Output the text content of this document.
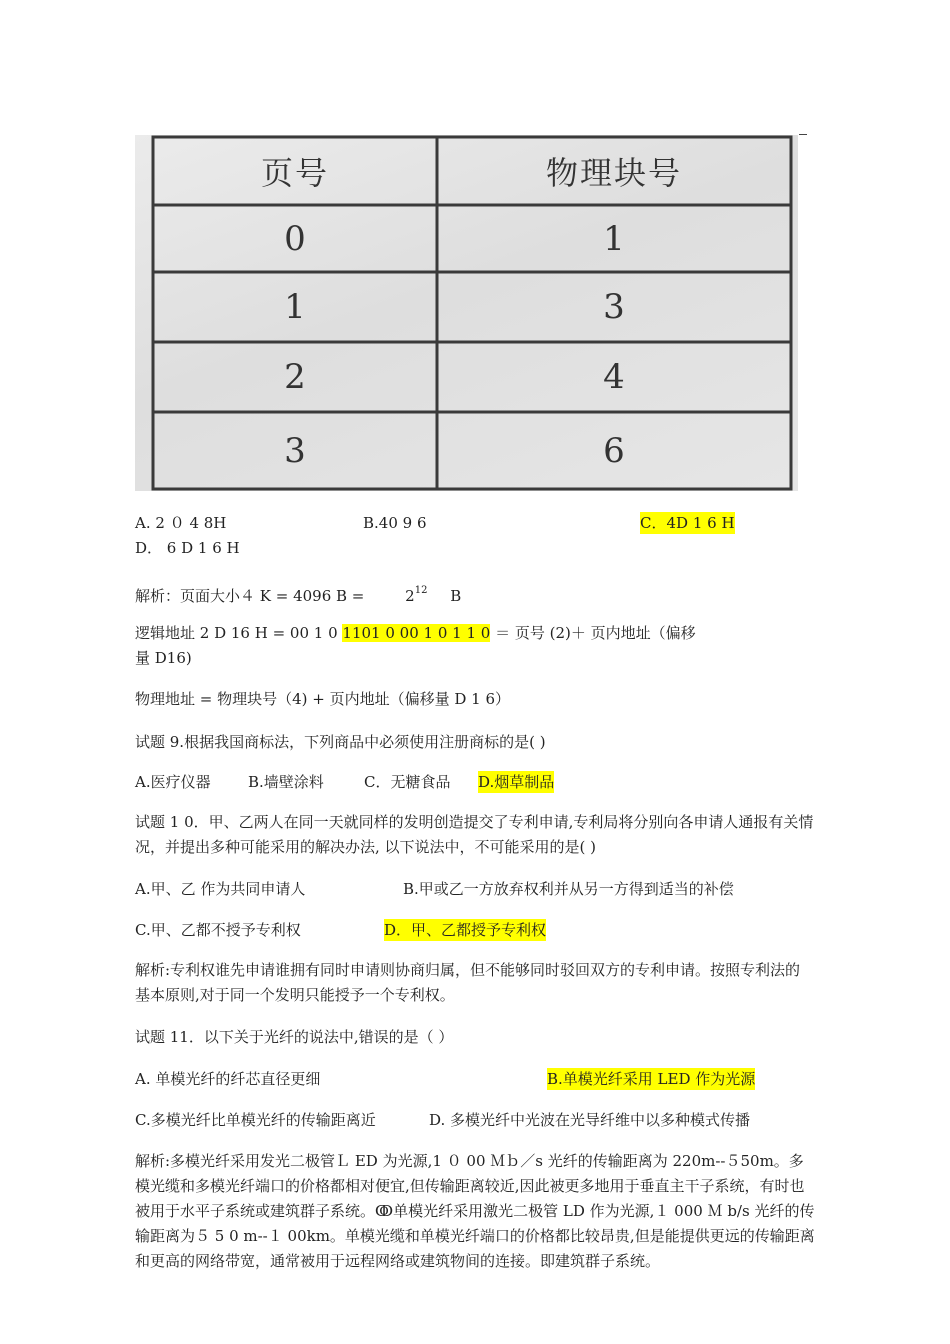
页号	物理块号
0	1
1	3
2	4
3	6
A. 2 ０ 4 8H	B.40 9 6	C．4D 1 6 H
D． 6 D 1 6 H
解析：页面大小４ K = 4096 B =	$2^{12}$ B
逻辑地址 2 D 16 H = 00 1 0 1101 0 00 1 0 1 1 0 ＝ 页号 (2)＋ 页内地址（偏移
量 D16)
物理地址 = 物理块号（4) + 页内地址（偏移量 D 1 6）
试题 9.根据我国商标法，下列商品中必须使用注册商标的是( )
A.医疗仪器 B.墙壁涂料	C．无糖食品 D.烟草制品
试题 1 0．甲、乙两人在同一天就同样的发明创造提交了专利申请,专利局将分别向各申请人通报有关情况，并提出多种可能采用的解决办法, 以下说法中，不可能采用的是( )
A.甲、乙 作为共同申请人	B.甲或乙一方放弃权利并从另一方得到适当的补偿
C.甲、乙都不授予专利权	D．甲、乙都授予专利权
解析:专利权谁先申请谁拥有同时申请则协商归属，但不能够同时驳回双方的专利申请。按照专利法的基本原则,对于同一个发明只能授予一个专利权。
试题 11．以下关于光纤的说法中,错误的是（ ）
A. 单模光纤的纤芯直径更细	B.单模光纤采用 LED 作为光源
C.多模光纤比单模光纤的传输距离近	D. 多模光纤中光波在光导纤维中以多种模式传播
解析:多模光纤采用发光二极管Ｌ ED 为光源,1 ０ 00 Ｍｂ／s 光纤的传输距离为 220m--５50m。多模光缆和多模光纤端口的价格都相对便宜,但传输距离较近,因此被更多地用于垂直主干子系统，有时也被用于水平子系统或建筑群子系统。ↂ单模光纤采用激光二极管 LD 作为光源,１ 000 Ｍ b/s 光纤的传输距离为５ 5 0 m--１ 00km。单模光缆和单模光纤端口的价格都比较昂贵,但是能提供更远的传输距离和更高的网络带宽，通常被用于远程网络或建筑物间的连接。即建筑群子系统。
